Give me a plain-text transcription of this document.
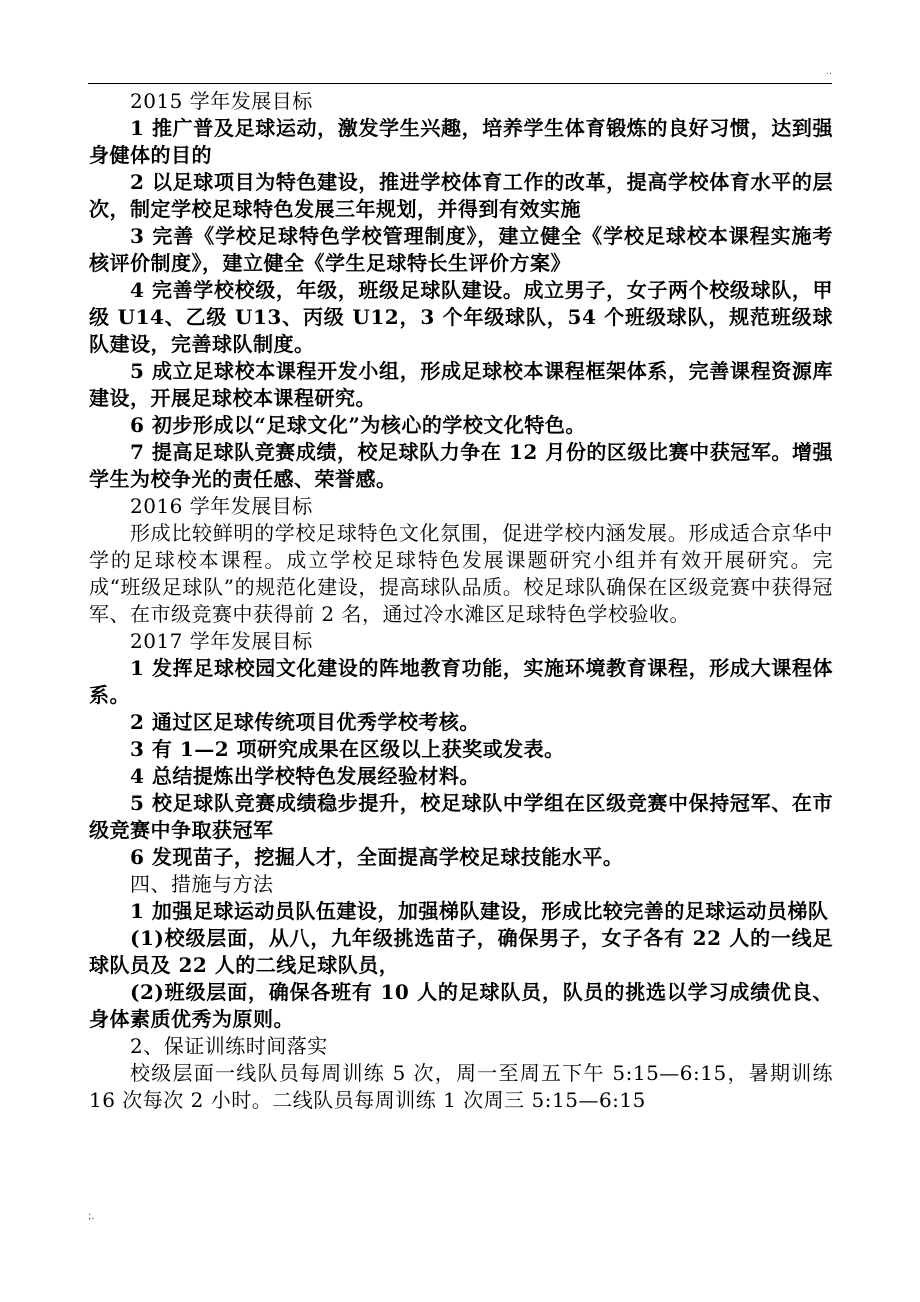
..

2015 学年发展目标

1 推广普及足球运动，激发学生兴趣，培养学生体育锻炼的良好习惯，达到强身健体的目的

2 以足球项目为特色建设，推进学校体育工作的改革，提高学校体育水平的层次，制定学校足球特色发展三年规划，并得到有效实施

3 完善《学校足球特色学校管理制度》，建立健全《学校足球校本课程实施考核评价制度》，建立健全《学生足球特长生评价方案》

4 完善学校校级，年级，班级足球队建设。成立男子，女子两个校级球队，甲级 U14、乙级 U13、丙级 U12，3 个年级球队，54 个班级球队，规范班级球队建设，完善球队制度。

5 成立足球校本课程开发小组，形成足球校本课程框架体系，完善课程资源库建设，开展足球校本课程研究。

6 初步形成以“足球文化”为核心的学校文化特色。

7 提高足球队竞赛成绩，校足球队力争在 12 月份的区级比赛中获冠军。增强学生为校争光的责任感、荣誉感。

2016 学年发展目标

形成比较鲜明的学校足球特色文化氛围，促进学校内涵发展。形成适合京华中学的足球校本课程。成立学校足球特色发展课题研究小组并有效开展研究。完成“班级足球队”的规范化建设，提高球队品质。校足球队确保在区级竞赛中获得冠军、在市级竞赛中获得前 2 名，通过冷水滩区足球特色学校验收。

2017 学年发展目标

1 发挥足球校园文化建设的阵地教育功能，实施环境教育课程，形成大课程体系。

2 通过区足球传统项目优秀学校考核。

3 有 1—2 项研究成果在区级以上获奖或发表。

4 总结提炼出学校特色发展经验材料。

5 校足球队竞赛成绩稳步提升，校足球队中学组在区级竞赛中保持冠军、在市级竞赛中争取获冠军

6 发现苗子，挖掘人才，全面提高学校足球技能水平。

四、措施与方法

1 加强足球运动员队伍建设，加强梯队建设，形成比较完善的足球运动员梯队

(1)校级层面，从八，九年级挑选苗子，确保男子，女子各有 22 人的一线足球队员及 22 人的二线足球队员，

(2)班级层面，确保各班有 10 人的足球队员，队员的挑选以学习成绩优良、身体素质优秀为原则。

2、保证训练时间落实

校级层面一线队员每周训练 5 次，周一至周五下午 5:15—6:15，暑期训练 16 次每次 2 小时。二线队员每周训练 1 次周三 5:15—6:15

;.
